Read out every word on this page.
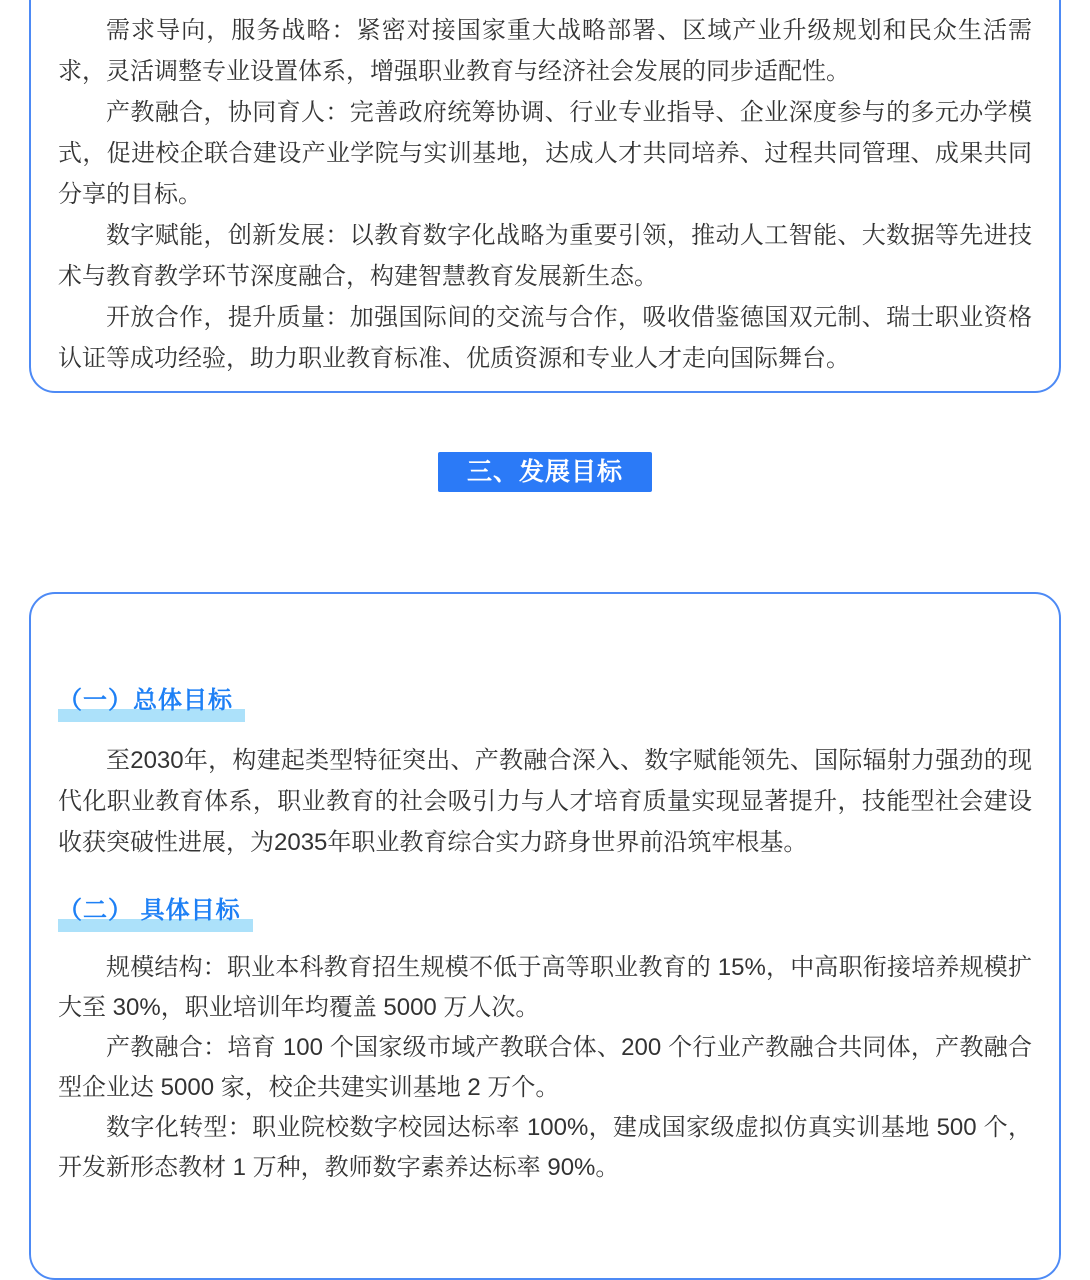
需求导向，服务战略：紧密对接国家重大战略部署、区域产业升级规划和民众生活需求，灵活调整专业设置体系，增强职业教育与经济社会发展的同步适配性。

产教融合，协同育人：完善政府统筹协调、行业专业指导、企业深度参与的多元办学模式，促进校企联合建设产业学院与实训基地，达成人才共同培养、过程共同管理、成果共同分享的目标。

数字赋能，创新发展：以教育数字化战略为重要引领，推动人工智能、大数据等先进技术与教育教学环节深度融合，构建智慧教育发展新生态。

开放合作，提升质量：加强国际间的交流与合作，吸收借鉴德国双元制、瑞士职业资格认证等成功经验，助力职业教育标准、优质资源和专业人才走向国际舞台。

三、发展目标
（一）总体目标

至2030年，构建起类型特征突出、产教融合深入、数字赋能领先、国际辐射力强劲的现代化职业教育体系，职业教育的社会吸引力与人才培育质量实现显著提升，技能型社会建设收获突破性进展，为2035年职业教育综合实力跻身世界前沿筑牢根基。

（二） 具体目标

规模结构：职业本科教育招生规模不低于高等职业教育的 15%，中高职衔接培养规模扩大至 30%，职业培训年均覆盖 5000 万人次。

产教融合：培育 100 个国家级市域产教联合体、200 个行业产教融合共同体，产教融合型企业达 5000 家，校企共建实训基地 2 万个。

数字化转型：职业院校数字校园达标率 100%，建成国家级虚拟仿真实训基地 500 个，开发新形态教材 1 万种，教师数字素养达标率 90%。
